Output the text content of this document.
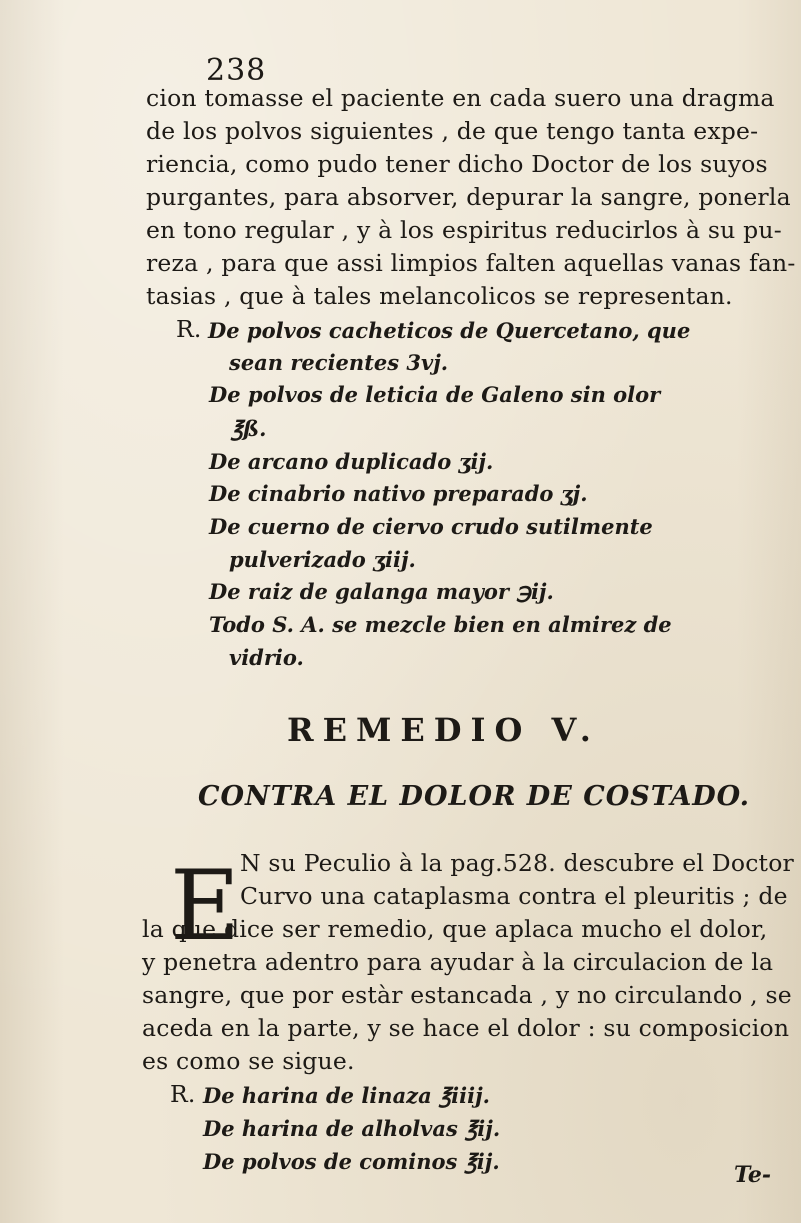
238
cion tomasse el paciente en cada suero una dragma
de los polvos siguientes , de que tengo tanta expe-
riencia, como pudo tener dicho Doctor de los suyos
purgantes, para absorver, depurar la sangre, ponerla
en tono regular , y à los espiritus reducirlos à su pu-
reza , para que assi limpios falten aquellas vanas fan-
tasias , que à tales melancolicos se representan.
R. De polvos cacheticos de Quercetano, que
sean recientes 3vj.
De polvos de leticia de Galeno sin olor
℥ß.
De arcano duplicado ʒij.
De cinabrio nativo preparado ʒj.
De cuerno de ciervo crudo sutilmente
pulverizado ʒiij.
De raiz de galanga mayor ℈ij.
Todo S. A. se mezcle bien en almirez de
vidrio.
REMEDIO V.
CONTRA EL DOLOR DE COSTADO.
E N su Peculio à la pag.528. descubre el Doctor
Curvo una cataplasma contra el pleuritis ; de
la que dice ser remedio, que aplaca mucho el dolor,
y penetra adentro para ayudar à la circulacion de la
sangre, que por estàr estancada , y no circulando , se
aceda en la parte, y se hace el dolor : su composicion
es como se sigue.
R. De harina de linaza ℥iiij.
De harina de alholvas ℥ij.
De polvos de cominos ℥ij.
Te-
